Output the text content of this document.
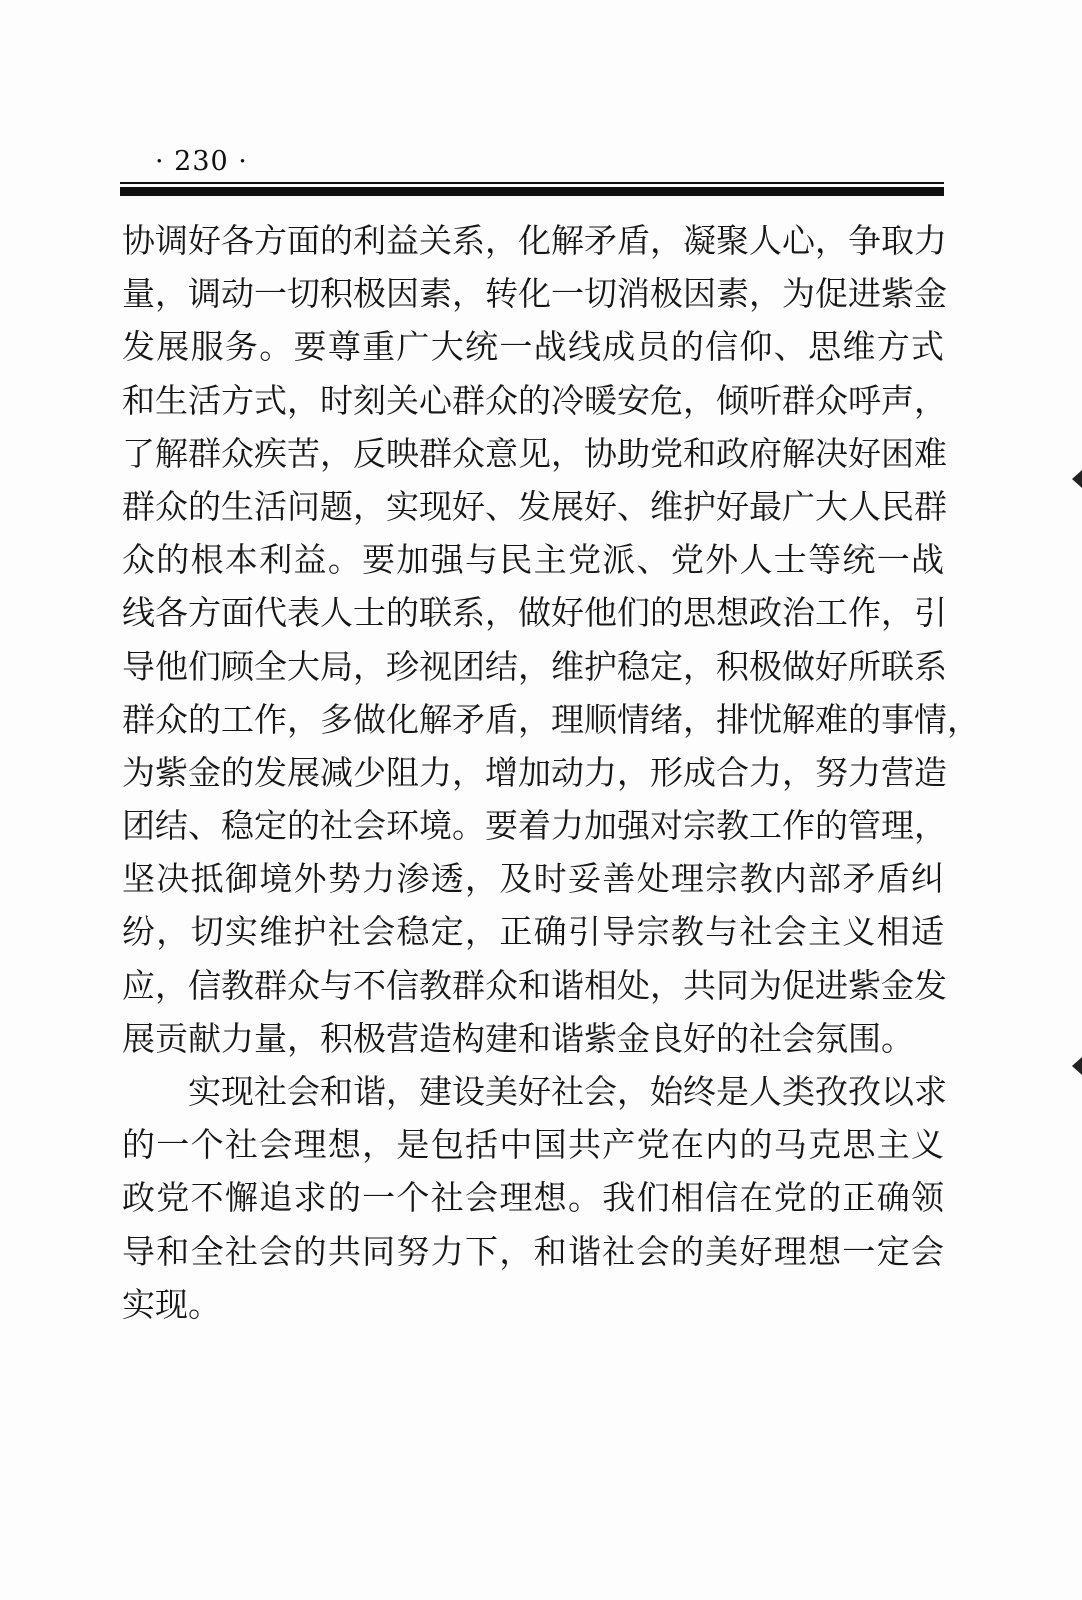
· 230 ·
协调好各方面的利益关系，化解矛盾，凝聚人心，争取力
量，调动一切积极因素，转化一切消极因素，为促进紫金
发展服务。要尊重广大统一战线成员的信仰、思维方式
和生活方式，时刻关心群众的冷暖安危，倾听群众呼声，
了解群众疾苦，反映群众意见，协助党和政府解决好困难
群众的生活问题，实现好、发展好、维护好最广大人民群
众的根本利益。要加强与民主党派、党外人士等统一战
线各方面代表人士的联系，做好他们的思想政治工作，引
导他们顾全大局，珍视团结，维护稳定，积极做好所联系
群众的工作，多做化解矛盾，理顺情绪，排忧解难的事情，
为紫金的发展减少阻力，增加动力，形成合力，努力营造
团结、稳定的社会环境。要着力加强对宗教工作的管理，
坚决抵御境外势力渗透，及时妥善处理宗教内部矛盾纠
纷，切实维护社会稳定，正确引导宗教与社会主义相适
应，信教群众与不信教群众和谐相处，共同为促进紫金发
展贡献力量，积极营造构建和谐紫金良好的社会氛围。
实现社会和谐，建设美好社会，始终是人类孜孜以求
的一个社会理想，是包括中国共产党在内的马克思主义
政党不懈追求的一个社会理想。我们相信在党的正确领
导和全社会的共同努力下，和谐社会的美好理想一定会
实现。
